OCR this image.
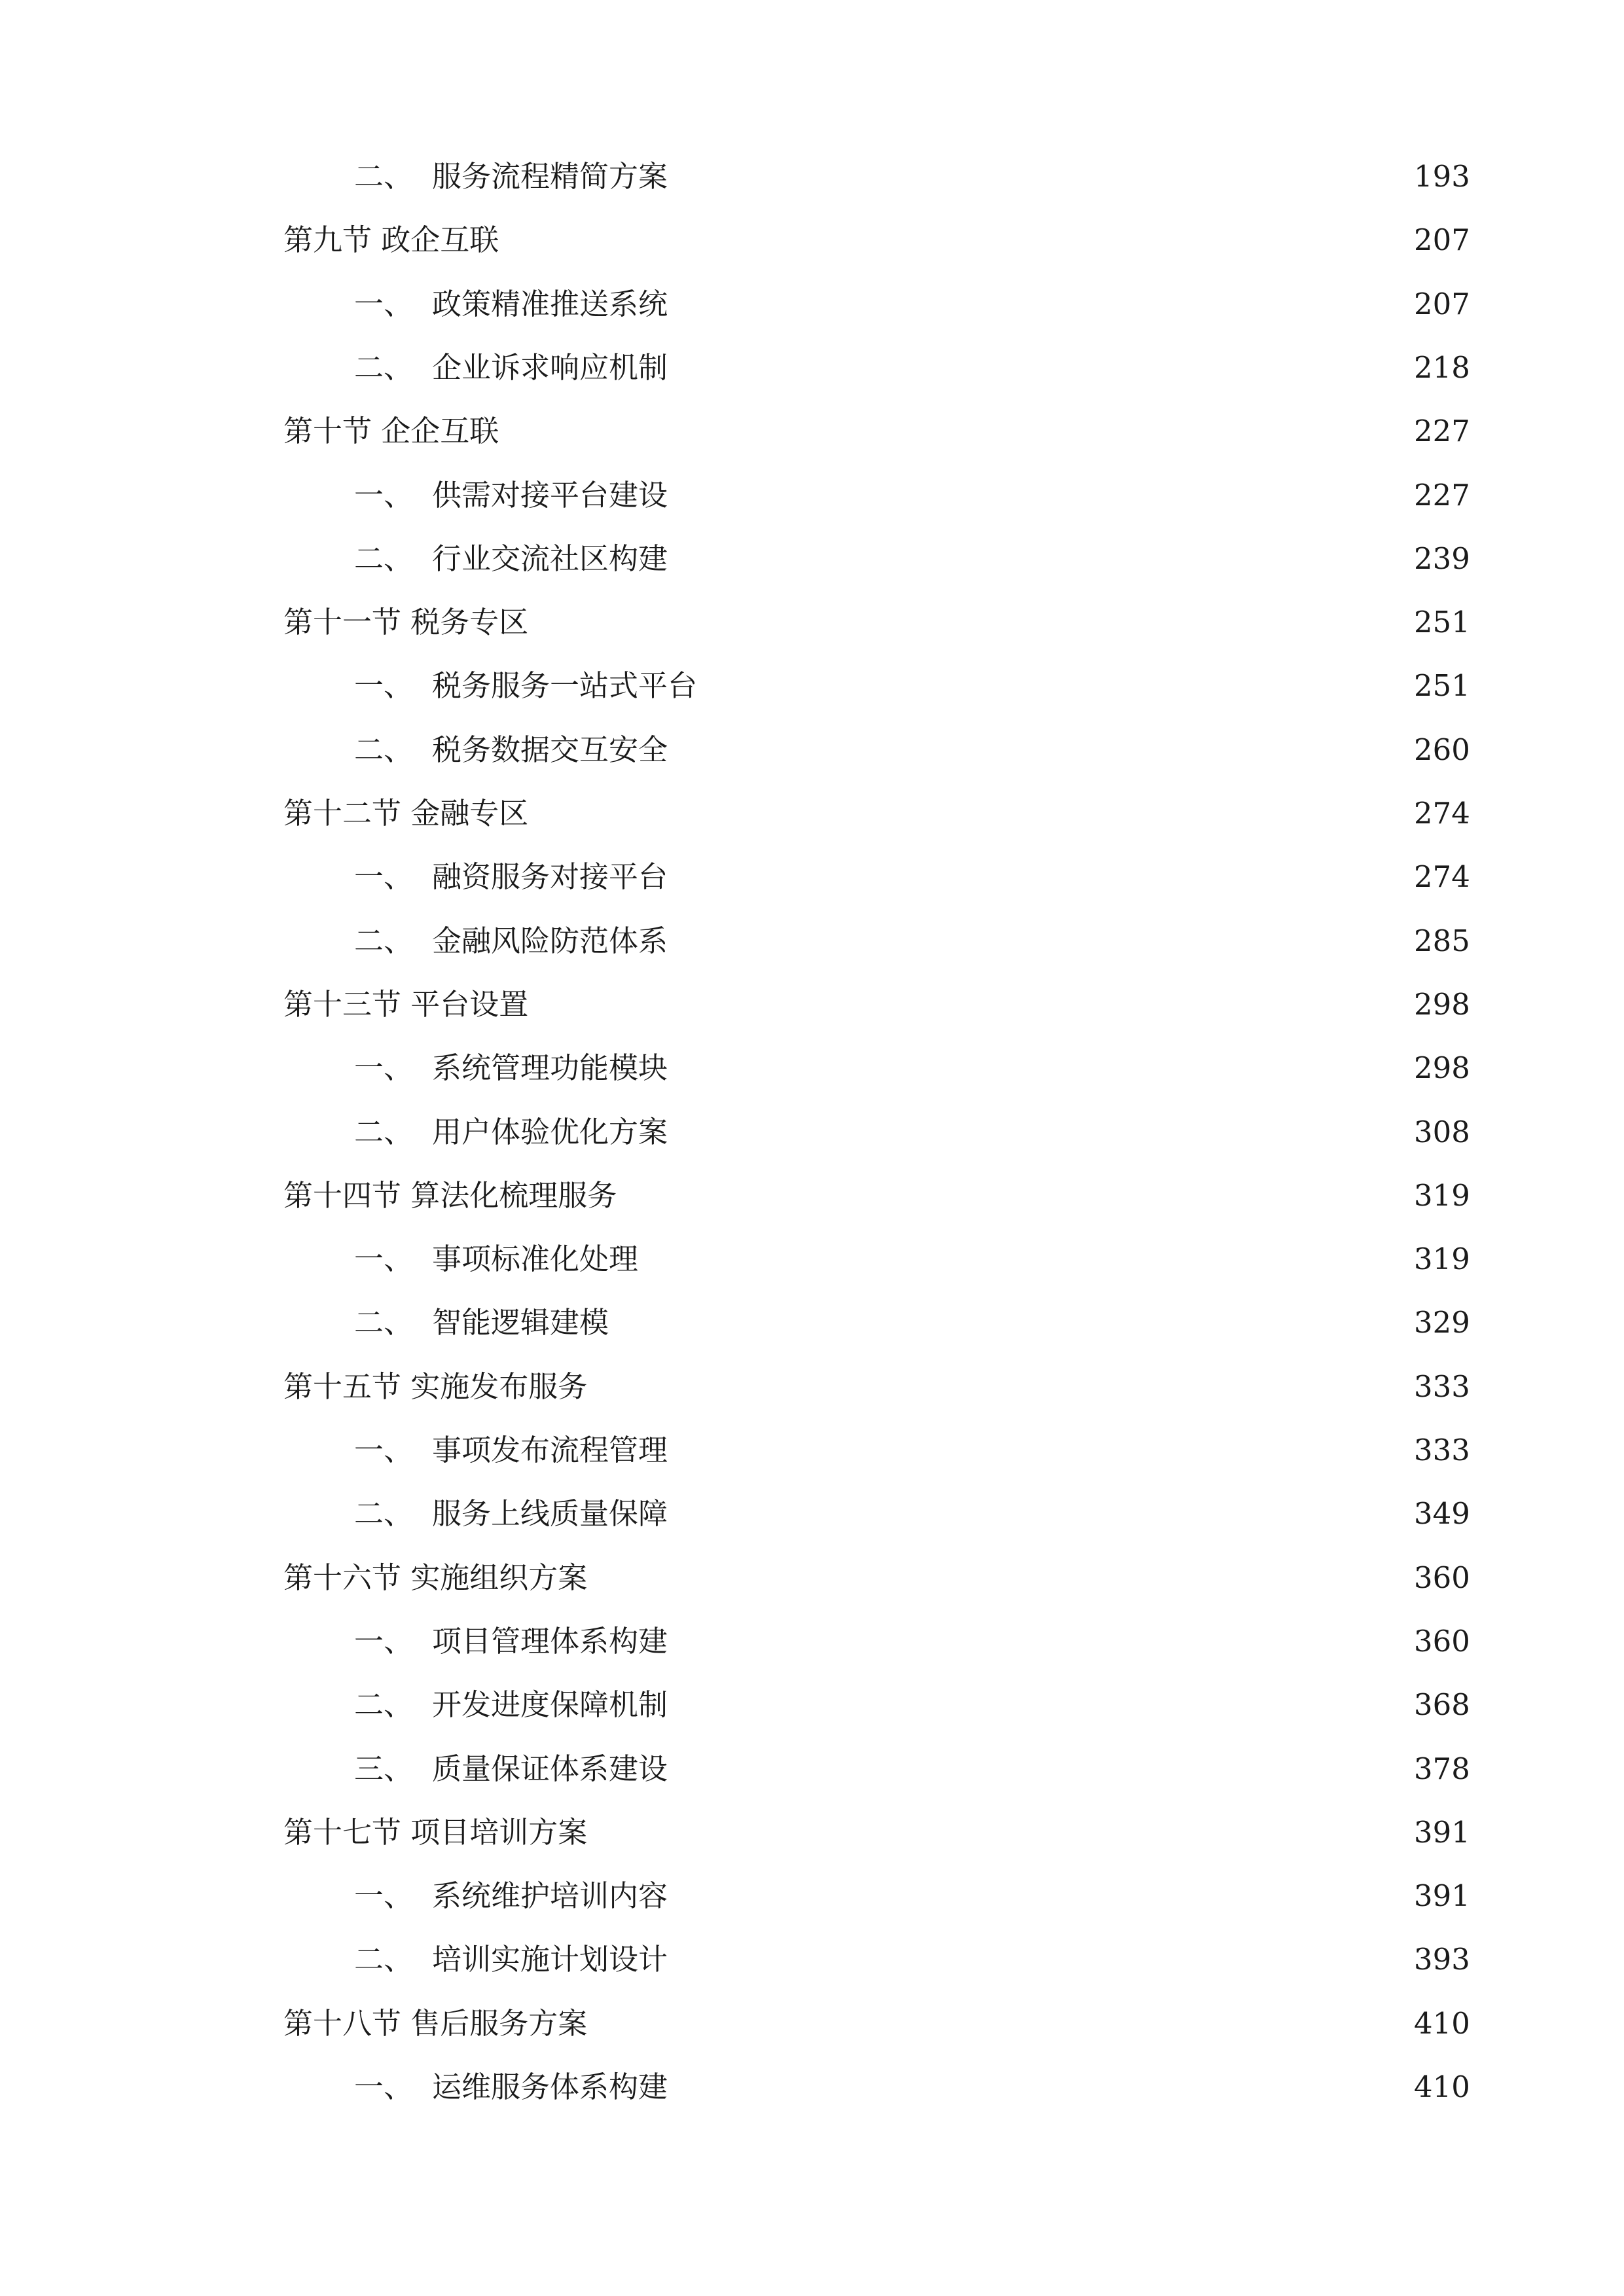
二、 服务流程精简方案	193
第九节 政企互联	207
一、 政策精准推送系统	207
二、 企业诉求响应机制	218
第十节 企企互联	227
一、 供需对接平台建设	227
二、 行业交流社区构建	239
第十一节 税务专区	251
一、 税务服务一站式平台	251
二、 税务数据交互安全	260
第十二节 金融专区	274
一、 融资服务对接平台	274
二、 金融风险防范体系	285
第十三节 平台设置	298
一、 系统管理功能模块	298
二、 用户体验优化方案	308
第十四节 算法化梳理服务	319
一、 事项标准化处理	319
二、 智能逻辑建模	329
第十五节 实施发布服务	333
一、 事项发布流程管理	333
二、 服务上线质量保障	349
第十六节 实施组织方案	360
一、 项目管理体系构建	360
二、 开发进度保障机制	368
三、 质量保证体系建设	378
第十七节 项目培训方案	391
一、 系统维护培训内容	391
二、 培训实施计划设计	393
第十八节 售后服务方案	410
一、 运维服务体系构建	410
